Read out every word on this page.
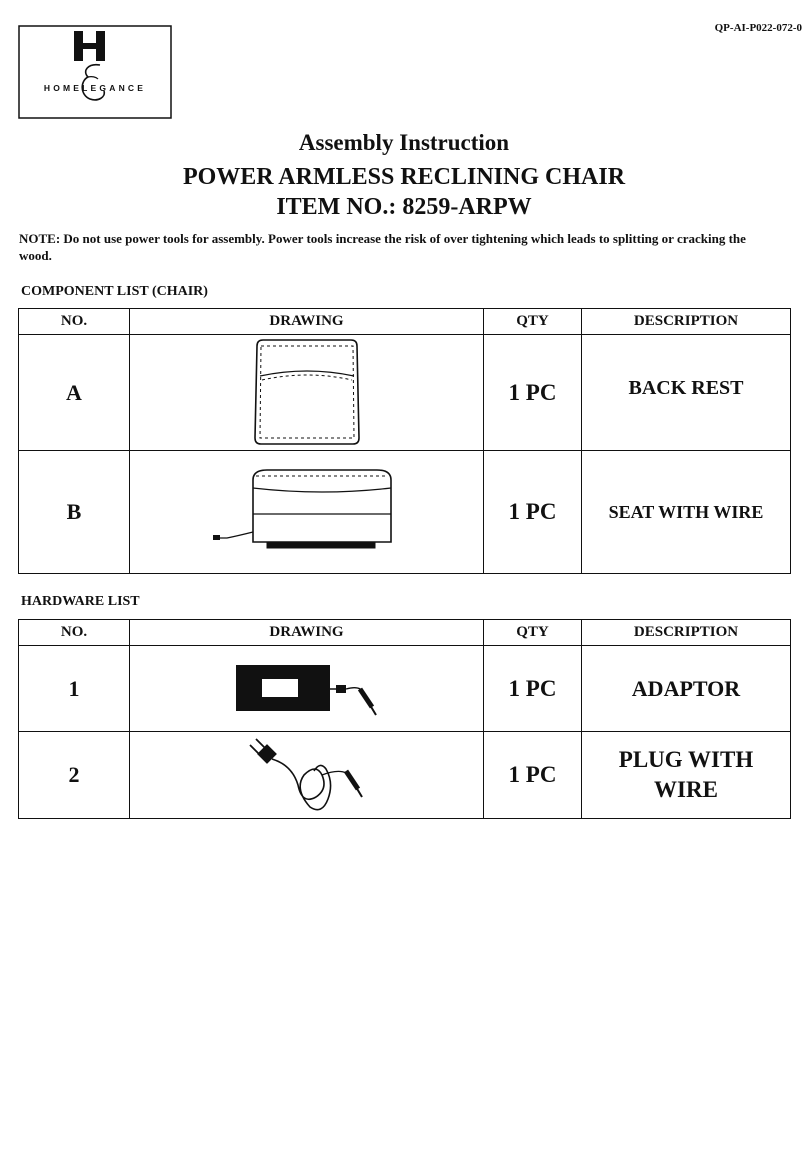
QP-AI-P022-072-0
HOMELEGANCE
Assembly Instruction
POWER ARMLESS RECLINING CHAIR
ITEM NO.: 8259-ARPW
NOTE: Do not use power tools for assembly. Power tools increase the risk of over tightening which leads to splitting or cracking the wood.
COMPONENT LIST (CHAIR)
NO.	DRAWING	QTY	DESCRIPTION
A		1 PC	BACK REST
B		1 PC	SEAT WITH WIRE
HARDWARE LIST
NO.	DRAWING	QTY	DESCRIPTION
1		1 PC	ADAPTOR
2		1 PC	PLUG WITH WIRE
